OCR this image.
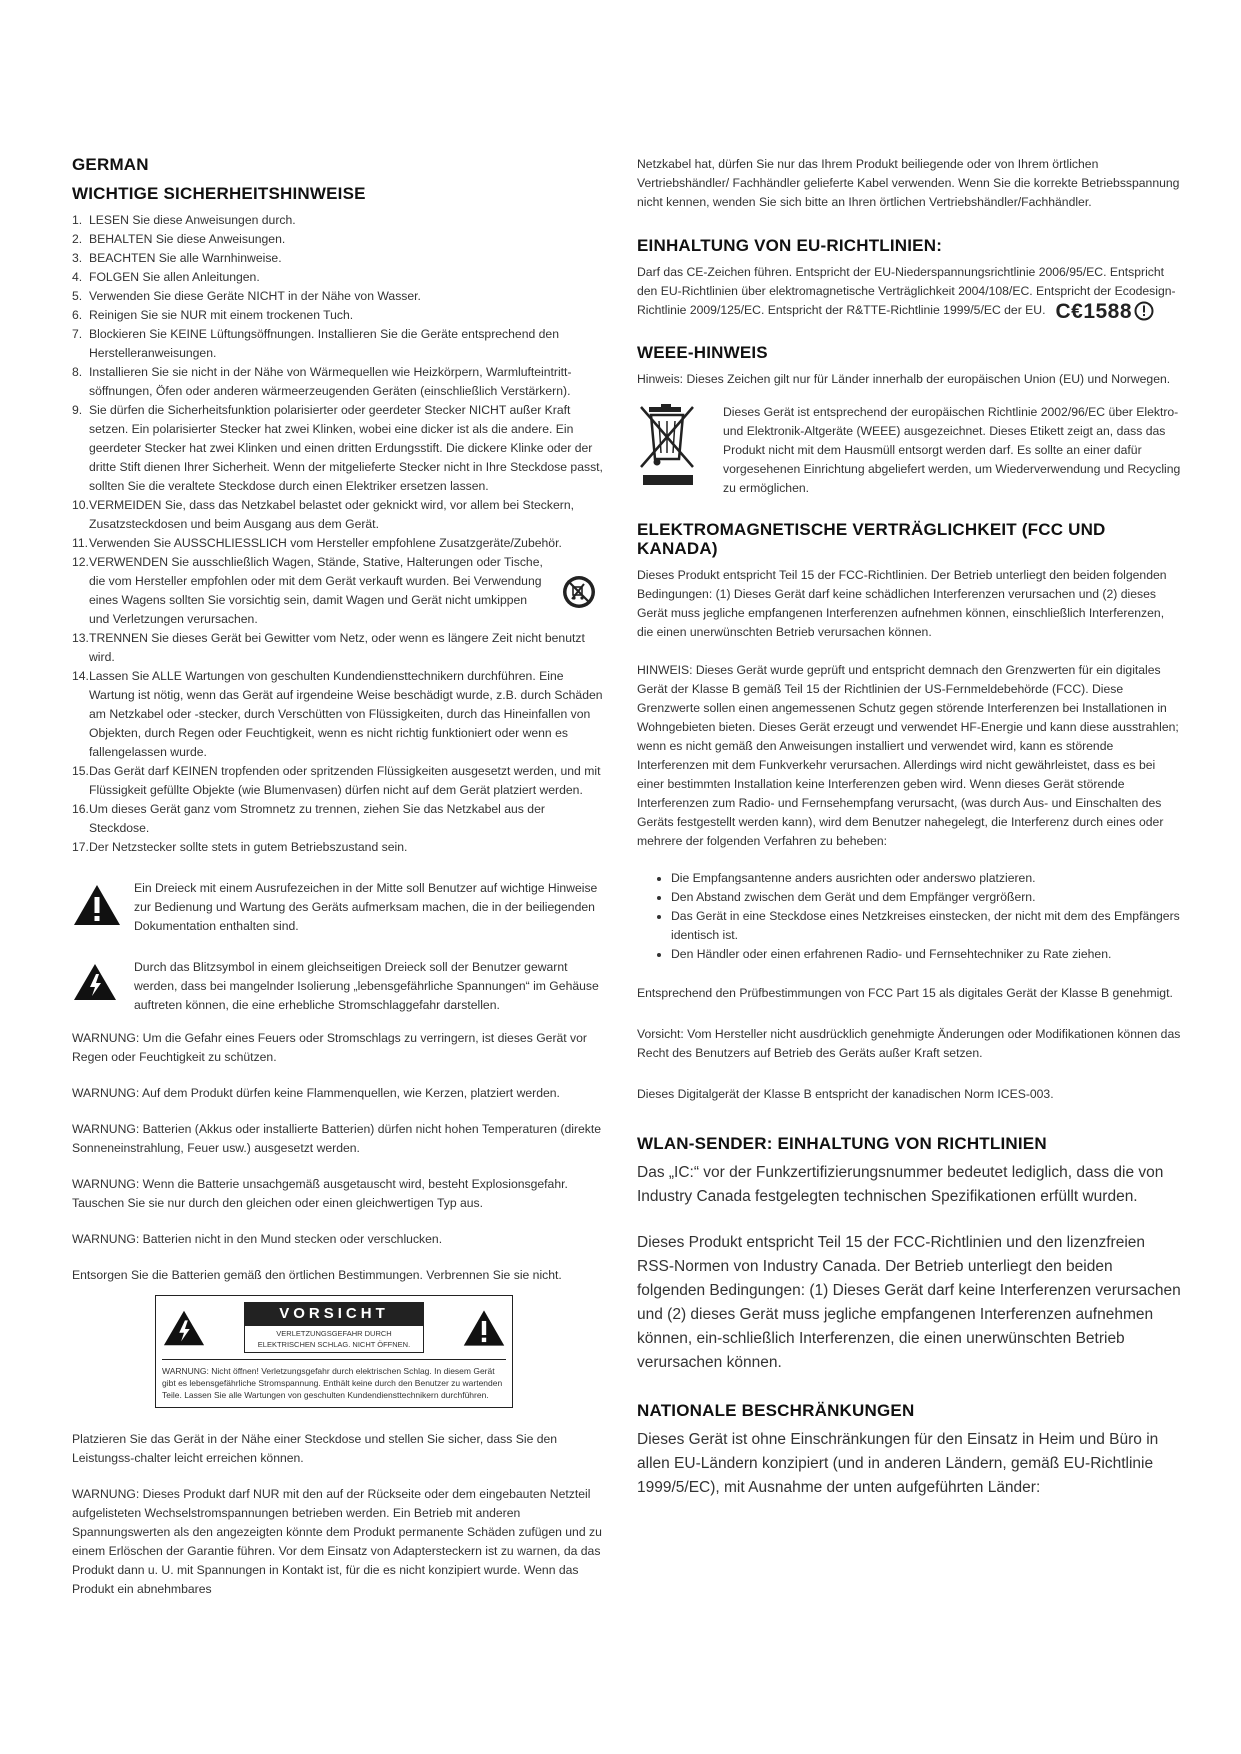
GERMAN
WICHTIGE SICHERHEITSHINWEISE
1. LESEN Sie diese Anweisungen durch.
2. BEHALTEN Sie diese Anweisungen.
3. BEACHTEN Sie alle Warnhinweise.
4. FOLGEN Sie allen Anleitungen.
5. Verwenden Sie diese Geräte NICHT in der Nähe von Wasser.
6. Reinigen Sie sie NUR mit einem trockenen Tuch.
7. Blockieren Sie KEINE Lüftungsöffnungen. Installieren Sie die Geräte entsprechend den Herstelleranweisungen.
8. Installieren Sie sie nicht in der Nähe von Wärmequellen wie Heizkörpern, Warmlufteintritt-söffnungen, Öfen oder anderen wärmeerzeugenden Geräten (einschließlich Verstärkern).
9. Sie dürfen die Sicherheitsfunktion polarisierter oder geerdeter Stecker NICHT außer Kraft setzen. Ein polarisierter Stecker hat zwei Klinken, wobei eine dicker ist als die andere. Ein geerdeter Stecker hat zwei Klinken und einen dritten Erdungsstift. Die dickere Klinke oder der dritte Stift dienen Ihrer Sicherheit. Wenn der mitgelieferte Stecker nicht in Ihre Steckdose passt, sollten Sie die veraltete Steckdose durch einen Elektriker ersetzen lassen.
10. VERMEIDEN Sie, dass das Netzkabel belastet oder geknickt wird, vor allem bei Steckern, Zusatzsteckdosen und beim Ausgang aus dem Gerät.
11. Verwenden Sie AUSSCHLIESSLICH vom Hersteller empfohlene Zusatzgeräte/Zubehör.
12. VERWENDEN Sie ausschließlich Wagen, Stände, Stative, Halterungen oder Tische, die vom Hersteller empfohlen oder mit dem Gerät verkauft wurden. Bei Verwendung eines Wagens sollten Sie vorsichtig sein, damit Wagen und Gerät nicht umkippen und Verletzungen verursachen.
13. TRENNEN Sie dieses Gerät bei Gewitter vom Netz, oder wenn es längere Zeit nicht benutzt wird.
14. Lassen Sie ALLE Wartungen von geschulten Kundendiensttechnikern durchführen. Eine Wartung ist nötig, wenn das Gerät auf irgendeine Weise beschädigt wurde, z.B. durch Schäden am Netzkabel oder -stecker, durch Verschütten von Flüssigkeiten, durch das Hineinfallen von Objekten, durch Regen oder Feuchtigkeit, wenn es nicht richtig funktioniert oder wenn es fallengelassen wurde.
15. Das Gerät darf KEINEN tropfenden oder spritzenden Flüssigkeiten ausgesetzt werden, und mit Flüssigkeit gefüllte Objekte (wie Blumenvasen) dürfen nicht auf dem Gerät platziert werden.
16. Um dieses Gerät ganz vom Stromnetz zu trennen, ziehen Sie das Netzkabel aus der Steckdose.
17. Der Netzstecker sollte stets in gutem Betriebszustand sein.

Ein Dreieck mit einem Ausrufezeichen in der Mitte soll Benutzer auf wichtige Hinweise zur Bedienung und Wartung des Geräts aufmerksam machen, die in der beiliegenden Dokumentation enthalten sind.

Durch das Blitzsymbol in einem gleichseitigen Dreieck soll der Benutzer gewarnt werden, dass bei mangelnder Isolierung „lebensgefährliche Spannungen“ im Gehäuse auftreten können, die eine erhebliche Stromschlaggefahr darstellen.

WARNUNG: Um die Gefahr eines Feuers oder Stromschlags zu verringern, ist dieses Gerät vor Regen oder Feuchtigkeit zu schützen.

WARNUNG: Auf dem Produkt dürfen keine Flammenquellen, wie Kerzen, platziert werden.

WARNUNG: Batterien (Akkus oder installierte Batterien) dürfen nicht hohen Temperaturen (direkte Sonneneinstrahlung, Feuer usw.) ausgesetzt werden.

WARNUNG: Wenn die Batterie unsachgemäß ausgetauscht wird, besteht Explosionsgefahr. Tauschen Sie sie nur durch den gleichen oder einen gleichwertigen Typ aus.

WARNUNG: Batterien nicht in den Mund stecken oder verschlucken.

Entsorgen Sie die Batterien gemäß den örtlichen Bestimmungen. Verbrennen Sie sie nicht.

VORSICHT
VERLETZUNGSGEFAHR DURCH ELEKTRISCHEN SCHLAG. NICHT ÖFFNEN.
WARNUNG: Nicht öffnen! Verletzungsgefahr durch elektrischen Schlag. In diesem Gerät gibt es lebensgefährliche Stromspannung. Enthält keine durch den Benutzer zu wartenden Teile. Lassen Sie alle Wartungen von geschulten Kundendiensttechnikern durchführen.

Platzieren Sie das Gerät in der Nähe einer Steckdose und stellen Sie sicher, dass Sie den Leistungss-chalter leicht erreichen können.

WARNUNG: Dieses Produkt darf NUR mit den auf der Rückseite oder dem eingebauten Netzteil aufgelisteten Wechselstromspannungen betrieben werden. Ein Betrieb mit anderen Spannungswerten als den angezeigten könnte dem Produkt permanente Schäden zufügen und zu einem Erlöschen der Garantie führen. Vor dem Einsatz von Adaptersteckern ist zu warnen, da das Produkt dann u. U. mit Spannungen in Kontakt ist, für die es nicht konzipiert wurde. Wenn das Produkt ein abnehmbares

Netzkabel hat, dürfen Sie nur das Ihrem Produkt beiliegende oder von Ihrem örtlichen Vertriebshändler/ Fachhändler gelieferte Kabel verwenden. Wenn Sie die korrekte Betriebsspannung nicht kennen, wenden Sie sich bitte an Ihren örtlichen Vertriebshändler/Fachhändler.

EINHALTUNG VON EU-RICHTLINIEN:

Darf das CE-Zeichen führen. Entspricht der EU-Niederspannungsrichtlinie 2006/95/EC. Entspricht den EU-Richtlinien über elektromagnetische Verträglichkeit 2004/108/EC. Entspricht der Ecodesign-Richtlinie 2009/125/EC. Entspricht der R&TTE-Richtlinie 1999/5/EC der EU. C€1588

WEEE-HINWEIS

Hinweis: Dieses Zeichen gilt nur für Länder innerhalb der europäischen Union (EU) und Norwegen.

Dieses Gerät ist entsprechend der europäischen Richtlinie 2002/96/EC über Elektro- und Elektronik-Altgeräte (WEEE) ausgezeichnet. Dieses Etikett zeigt an, dass das Produkt nicht mit dem Hausmüll entsorgt werden darf. Es sollte an einer dafür vorgesehenen Einrichtung abgeliefert werden, um Wiederverwendung und Recycling zu ermöglichen.

ELEKTROMAGNETISCHE VERTRÄGLICHKEIT (FCC UND KANADA)

Dieses Produkt entspricht Teil 15 der FCC-Richtlinien. Der Betrieb unterliegt den beiden folgenden Bedingungen: (1) Dieses Gerät darf keine schädlichen Interferenzen verursachen und (2) dieses Gerät muss jegliche empfangenen Interferenzen aufnehmen können, einschließlich Interferenzen, die einen unerwünschten Betrieb verursachen können.

HINWEIS: Dieses Gerät wurde geprüft und entspricht demnach den Grenzwerten für ein digitales Gerät der Klasse B gemäß Teil 15 der Richtlinien der US-Fernmeldebehörde (FCC). Diese Grenzwerte sollen einen angemessenen Schutz gegen störende Interferenzen bei Installationen in Wohngebieten bieten. Dieses Gerät erzeugt und verwendet HF-Energie und kann diese ausstrahlen; wenn es nicht gemäß den Anweisungen installiert und verwendet wird, kann es störende Interferenzen mit dem Funkverkehr verursachen. Allerdings wird nicht gewährleistet, dass es bei einer bestimmten Installation keine Interferenzen geben wird. Wenn dieses Gerät störende Interferenzen zum Radio- und Fernsehempfang verursacht, (was durch Aus- und Einschalten des Geräts festgestellt werden kann), wird dem Benutzer nahegelegt, die Interferenz durch eines oder mehrere der folgenden Verfahren zu beheben:

• Die Empfangsantenne anders ausrichten oder anderswo platzieren.
• Den Abstand zwischen dem Gerät und dem Empfänger vergrößern.
• Das Gerät in eine Steckdose eines Netzkreises einstecken, der nicht mit dem des Empfängers identisch ist.
• Den Händler oder einen erfahrenen Radio- und Fernsehtechniker zu Rate ziehen.

Entsprechend den Prüfbestimmungen von FCC Part 15 als digitales Gerät der Klasse B genehmigt.

Vorsicht: Vom Hersteller nicht ausdrücklich genehmigte Änderungen oder Modifikationen können das Recht des Benutzers auf Betrieb des Geräts außer Kraft setzen.

Dieses Digitalgerät der Klasse B entspricht der kanadischen Norm ICES-003.

WLAN-SENDER: EINHALTUNG VON RICHTLINIEN

Das „IC:“ vor der Funkzertifizierungsnummer bedeutet lediglich, dass die von Industry Canada festgelegten technischen Spezifikationen erfüllt wurden.

Dieses Produkt entspricht Teil 15 der FCC-Richtlinien und den lizenzfreien RSS-Normen von Industry Canada. Der Betrieb unterliegt den beiden folgenden Bedingungen: (1) Dieses Gerät darf keine Interferenzen verursachen und (2) dieses Gerät muss jegliche empfangenen Interferenzen aufnehmen können, ein-schließlich Interferenzen, die einen unerwünschten Betrieb verursachen können.

NATIONALE BESCHRÄNKUNGEN

Dieses Gerät ist ohne Einschränkungen für den Einsatz in Heim und Büro in allen EU-Ländern konzipiert (und in anderen Ländern, gemäß EU-Richtlinie 1999/5/EC), mit Ausnahme der unten aufgeführten Länder:
